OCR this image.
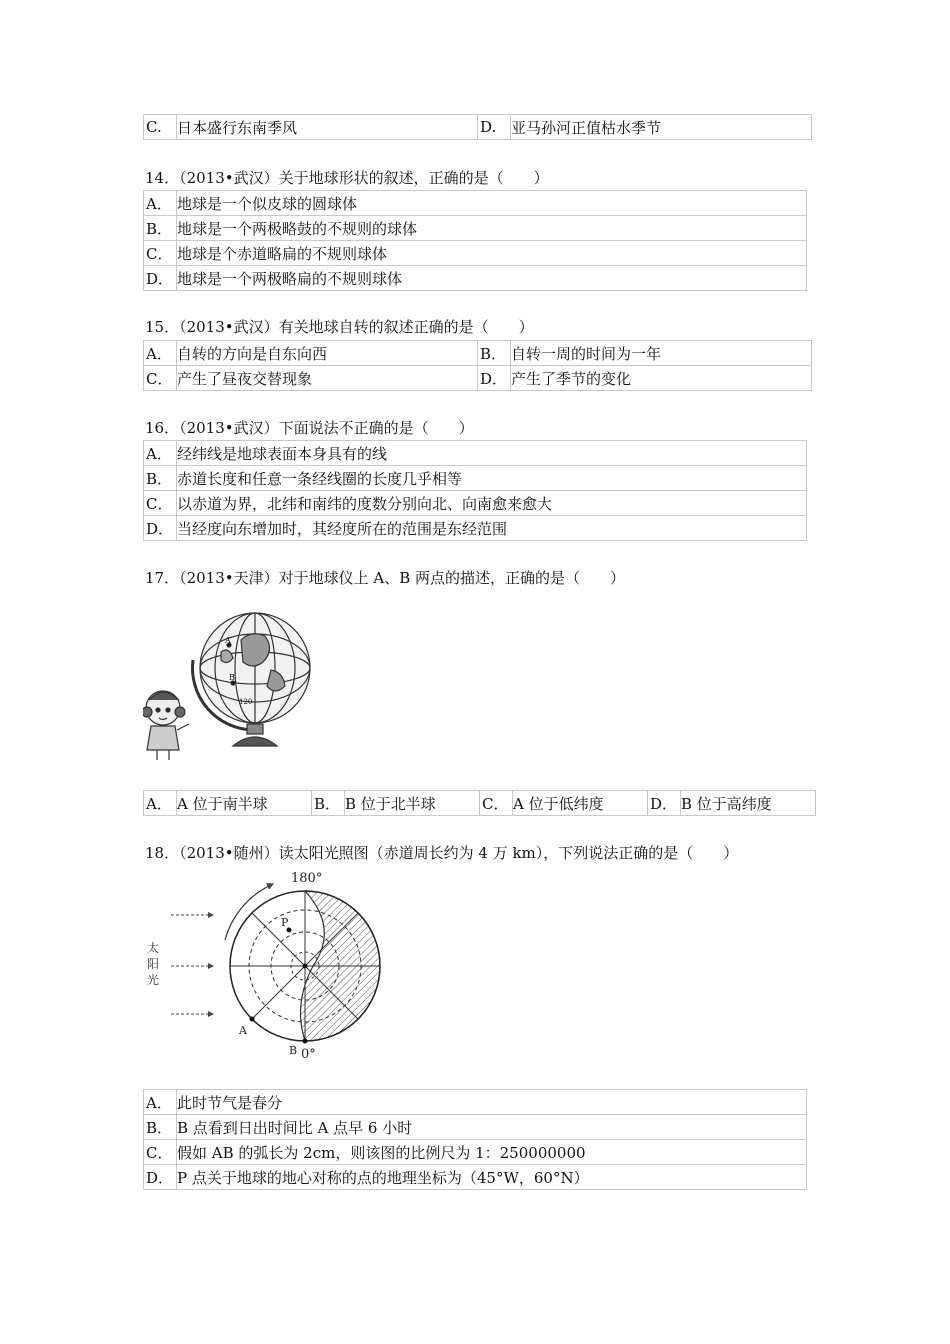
C.	日本盛行东南季风	D.	亚马孙河正值枯水季节
14．（2013•武汉）关于地球形状的叙述，正确的是（　　）
A．	地球是一个似皮球的圆球体
B．	地球是一个两极略鼓的不规则的球体
C．	地球是个赤道略扁的不规则球体
D．	地球是一个两极略扁的不规则球体
15．（2013•武汉）有关地球自转的叙述正确的是（　　）
A．	自转的方向是自东向西	B．	自转一周的时间为一年
C．	产生了昼夜交替现象	D．	产生了季节的变化
16．（2013•武汉）下面说法不正确的是（　　）
A．	经纬线是地球表面本身具有的线
B．	赤道长度和任意一条经线圈的长度几乎相等
C．	以赤道为界，北纬和南纬的度数分别向北、向南愈来愈大
D．	当经度向东增加时，其经度所在的范围是东经范围
17．（2013•天津）对于地球仪上 A、B 两点的描述，正确的是（　　）
A
B
120
A．	A 位于南半球	B．	B 位于北半球	C．	A 位于低纬度	D．	B 位于高纬度
18．（2013•随州）读太阳光照图（赤道周长约为 4 万 km），下列说法正确的是（　　）
180°
0°
P
A
B
太 阳 光
A．	此时节气是春分
B．	B 点看到日出时间比 A 点早 6 小时
C．	假如 AB 的弧长为 2cm，则该图的比例尺为 1：250000000
D．	P 点关于地球的地心对称的点的地理坐标为（45°W，60°N）
